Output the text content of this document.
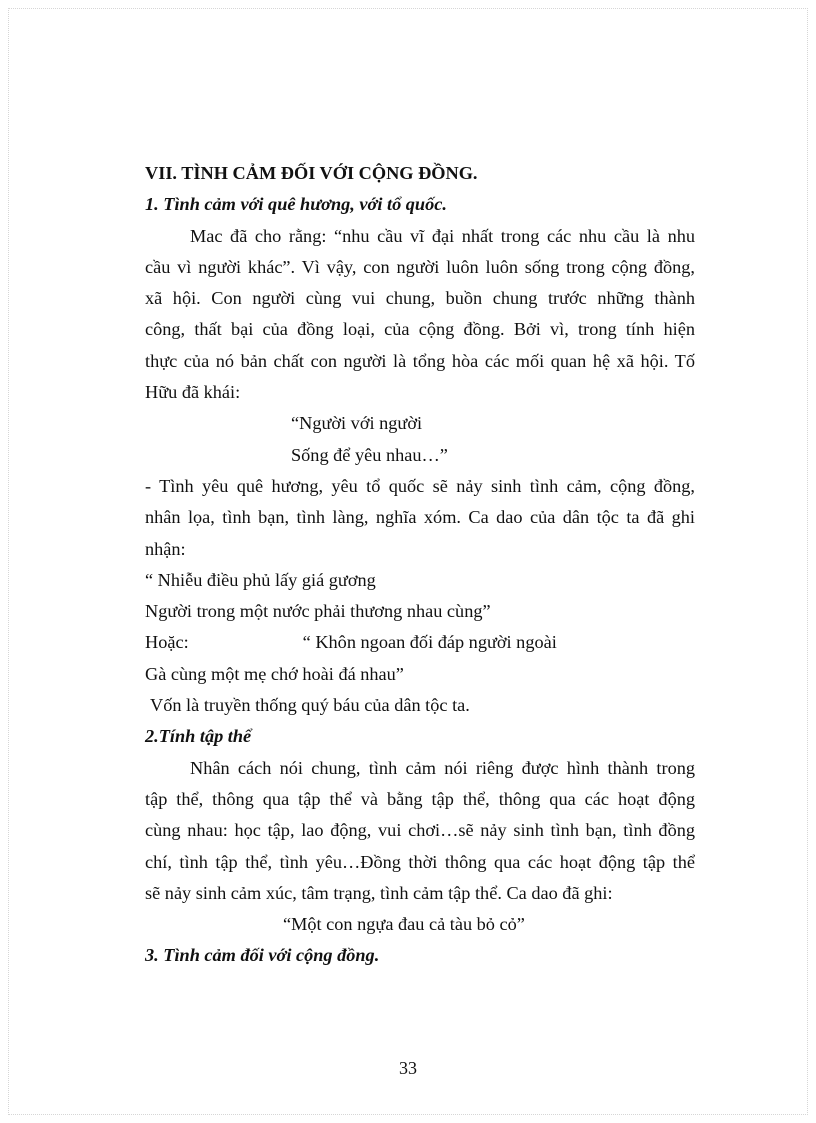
VII. TÌNH CẢM ĐỐI VỚI CỘNG ĐỒNG.
1. Tình cảm với quê hương, với tổ quốc.
Mac đã cho rằng: “nhu cầu vĩ đại nhất trong các nhu cầu là nhu
cầu vì người khác”. Vì vậy, con người luôn luôn sống trong cộng đồng,
xã hội. Con người cùng vui chung, buồn chung trước những thành
công, thất bại của đồng loại, của cộng đồng. Bởi vì, trong tính hiện
thực của nó bản chất con người là tổng hòa các mối quan hệ xã hội. Tố
Hữu đã khái:
“Người với người
Sống để yêu nhau…”
- Tình yêu quê hương, yêu tổ quốc sẽ nảy sinh tình cảm, cộng đồng,
nhân lọa, tình bạn, tình làng, nghĩa xóm. Ca dao của dân tộc ta đã ghi
nhận:
“ Nhiễu điều phủ lấy giá gương
Người trong một nước phải thương nhau cùng”
Hoặc:	“ Khôn ngoan đối đáp người ngoài
Gà cùng một mẹ chớ hoài đá nhau”
Vốn là truyền thống quý báu của dân tộc ta.
2.Tính tập thể
Nhân cách nói chung, tình cảm nói riêng được hình thành trong
tập thể, thông qua tập thể và bằng tập thể, thông qua các hoạt động
cùng nhau: học tập, lao động, vui chơi…sẽ nảy sinh tình bạn, tình đồng
chí, tình tập thể, tình yêu…Đồng thời thông qua các hoạt động tập thể
sẽ nảy sinh cảm xúc, tâm trạng, tình cảm tập thể. Ca dao đã ghi:
“Một con ngựa đau cả tàu bỏ cỏ”
3. Tình cảm đối với cộng đồng.
33
